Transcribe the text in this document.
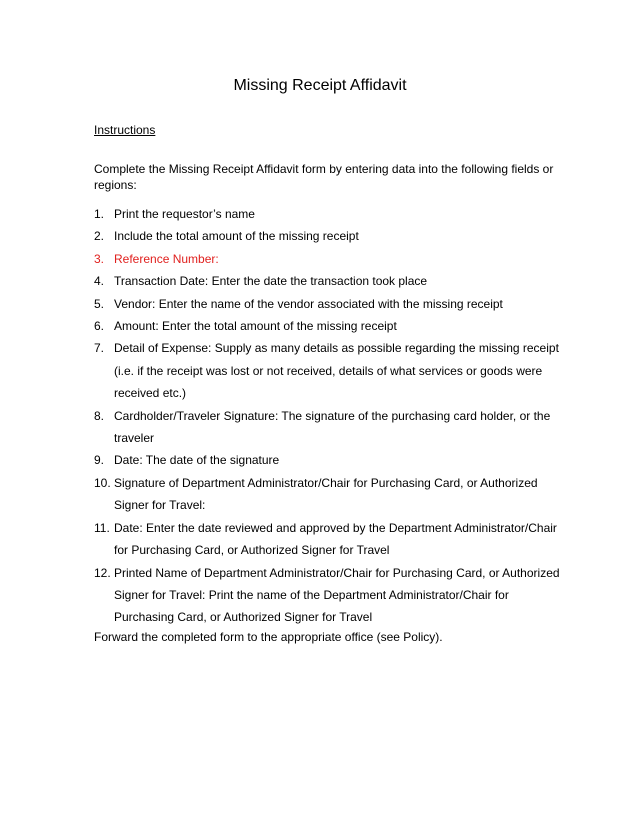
Missing Receipt Affidavit
Instructions
Complete the Missing Receipt Affidavit form by entering data into the following fields or regions:
1. Print the requestor’s name
2. Include the total amount of the missing receipt
3. Reference Number:
4. Transaction Date: Enter the date the transaction took place
5. Vendor: Enter the name of the vendor associated with the missing receipt
6. Amount: Enter the total amount of the missing receipt
7. Detail of Expense: Supply as many details as possible regarding the missing receipt (i.e. if the receipt was lost or not received, details of what services or goods were received etc.)
8. Cardholder/Traveler Signature: The signature of the purchasing card holder, or the traveler
9. Date: The date of the signature
10. Signature of Department Administrator/Chair for Purchasing Card, or Authorized Signer for Travel:
11. Date: Enter the date reviewed and approved by the Department Administrator/Chair for Purchasing Card, or Authorized Signer for Travel
12. Printed Name of Department Administrator/Chair for Purchasing Card, or Authorized Signer for Travel: Print the name of the Department Administrator/Chair for Purchasing Card, or Authorized Signer for Travel
Forward the completed form to the appropriate office (see Policy).
